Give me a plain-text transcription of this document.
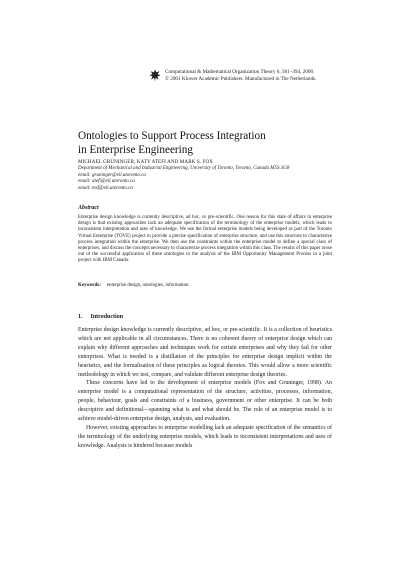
Computational & Mathematical Organization Theory 6, 381–394, 2000.
© 2001 Kluwer Academic Publishers. Manufactured in The Netherlands.
Ontologies to Support Process Integration
in Enterprise Engineering
MICHAEL GRÜNINGER, KATY ATEFI AND MARK S. FOX
Department of Mechanical and Industrial Engineering, University of Toronto, Toronto, Canada M5S 3G8
email: gruninger@eil.utoronto.ca
email: atefi@eil.utoronto.ca
email: msf@eil.utoronto.ca
Abstract
Enterprise design knowledge is currently descriptive, ad hoc, or pre-scientific. One reason for this state of affairs in enterprise design is that existing approaches lack an adequate specification of the terminology of the enterprise models, which leads to inconsistent interpretation and uses of knowledge. We use the formal enterprise models being developed as part of the Toronto Virtual Enterprise (TOVE) project to provide a precise specification of enterprise structure, and use this structure to characterize process integration within the enterprise. We then use the constraints within the enterprise model to define a special class of enterprises, and discuss the concepts necessary to characterize process integration within this class. The results of this paper arose out of the successful application of these ontologies to the analysis of the IBM Opportunity Management Process in a joint project with IBM Canada.
Keywords: enterprise design, ontologies, information
1. Introduction

Enterprise design knowledge is currently descriptive, ad hoc, or pre-scientific. It is a collection of heuristics which are not applicable in all circumstances. There is no coherent theory of enterprise design which can explain why different approaches and techniques work for certain enterprises and why they fail for other enterprises. What is needed is a distillation of the principles for enterprise design implicit within the heuristics, and the formalisation of these principles as logical theories. This would allow a more scientific methodology in which we test, compare, and validate different enterprise design theories.

These concerns have led to the development of enterprise models (Fox and Gruninger, 1998). An enterprise model is a computational representation of the structure, activities, processes, information, people, behaviour, goals and constraints of a business, government or other enterprise. It can be both descriptive and definitional—spanning what is and what should be. The role of an enterprise model is to achieve model-driven enterprise design, analysis, and evaluation.

However, existing approaches to enterprise modelling lack an adequate specification of the semantics of the terminology of the underlying enterprise models, which leads to inconsistent interpretations and uses of knowledge. Analysis is hindered because models
